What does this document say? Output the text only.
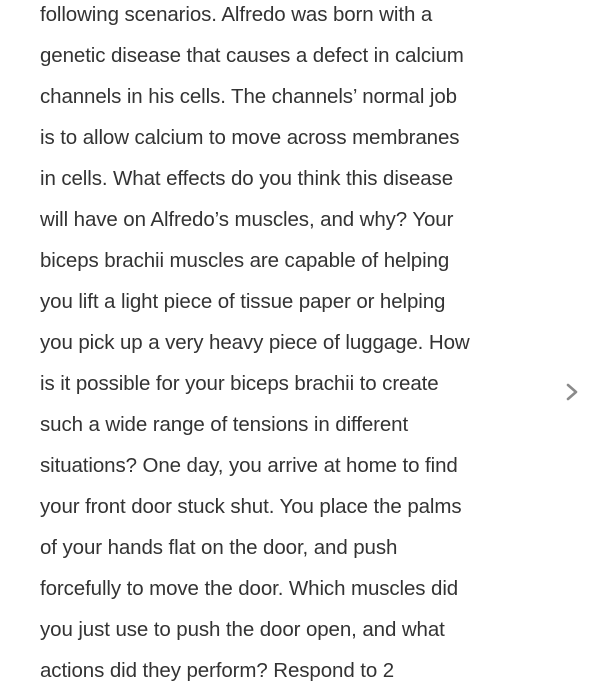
following scenarios. Alfredo was born with a
genetic disease that causes a defect in calcium
channels in his cells. The channels’ normal job
is to allow calcium to move across membranes
in cells. What effects do you think this disease
will have on Alfredo’s muscles, and why? Your
biceps brachii muscles are capable of helping
you lift a light piece of tissue paper or helping
you pick up a very heavy piece of luggage. How
is it possible for your biceps brachii to create
such a wide range of tensions in different
situations? One day, you arrive at home to find
your front door stuck shut. You place the palms
of your hands flat on the door, and push
forcefully to move the door. Which muscles did
you just use to push the door open, and what
actions did they perform? Respond to 2
